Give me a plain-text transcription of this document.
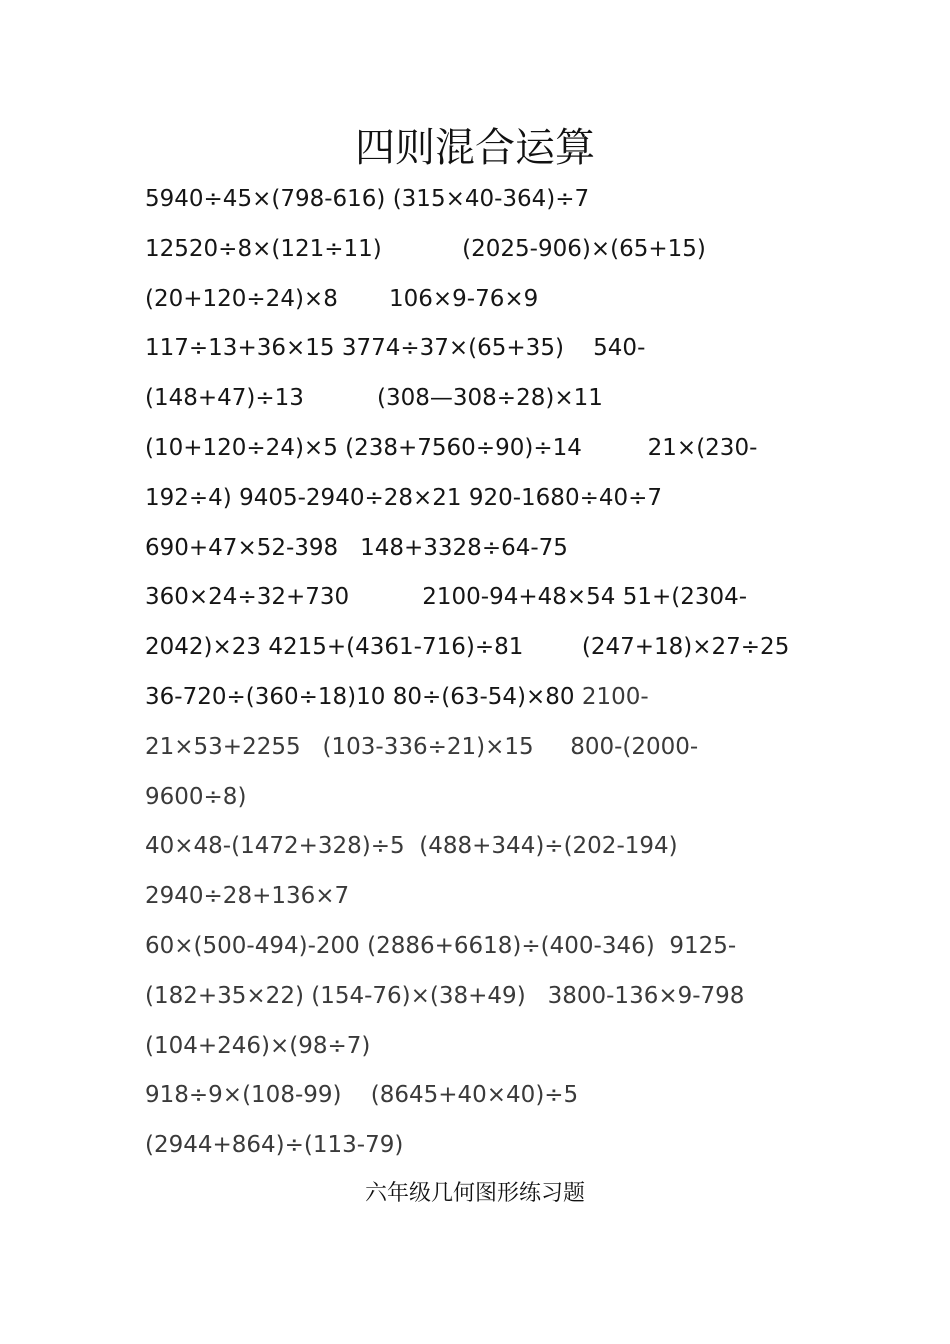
四则混合运算
5940÷45×(798-616) (315×40-364)÷7
12520÷8×(121÷11)           (2025-906)×(65+15)
(20+120÷24)×8       106×9-76×9
117÷13+36×15 3774÷37×(65+35)    540-
(148+47)÷13          (308—308÷28)×11
(10+120÷24)×5 (238+7560÷90)÷14         21×(230-
192÷4) 9405-2940÷28×21 920-1680÷40÷7
690+47×52-398   148+3328÷64-75
360×24÷32+730          2100-94+48×54 51+(2304-
2042)×23 4215+(4361-716)÷81        (247+18)×27÷25
36-720÷(360÷18)10 80÷(63-54)×80 2100-
21×53+2255   (103-336÷21)×15     800-(2000-
9600÷8)
40×48-(1472+328)÷5  (488+344)÷(202-194)
2940÷28+136×7
60×(500-494)-200 (2886+6618)÷(400-346)  9125-
(182+35×22) (154-76)×(38+49)   3800-136×9-798
(104+246)×(98÷7)
918÷9×(108-99)    (8645+40×40)÷5
(2944+864)÷(113-79)
六年级几何图形练习题
